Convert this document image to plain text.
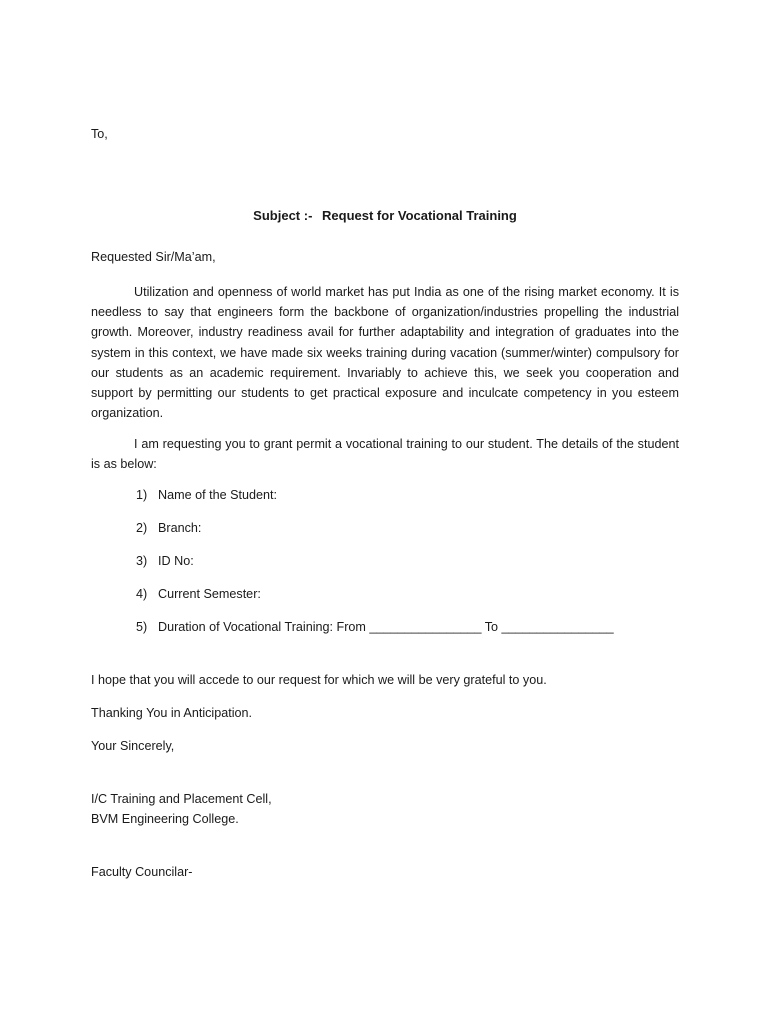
To,
Subject :- Request for Vocational Training
Requested Sir/Ma’am,

Utilization and openness of world market has put India as one of the rising market economy. It is needless to say that engineers form the backbone of organization/industries propelling the industrial growth. Moreover, industry readiness avail for further adaptability and integration of graduates into the system in this context, we have made six weeks training during vacation (summer/winter) compulsory for our students as an academic requirement. Invariably to achieve this, we seek you cooperation and support by permitting our students to get practical exposure and inculcate competency in you esteem organization.

I am requesting you to grant permit a vocational training to our student. The details of the student is as below:

1) Name of the Student:
2) Branch:
3) ID No:
4) Current Semester:
5) Duration of Vocational Training: From ________________ To ________________
I hope that you will accede to our request for which we will be very grateful to you.
Thanking You in Anticipation.
Your Sincerely,
I/C Training and Placement Cell,
BVM Engineering College.
Faculty Councilar-
